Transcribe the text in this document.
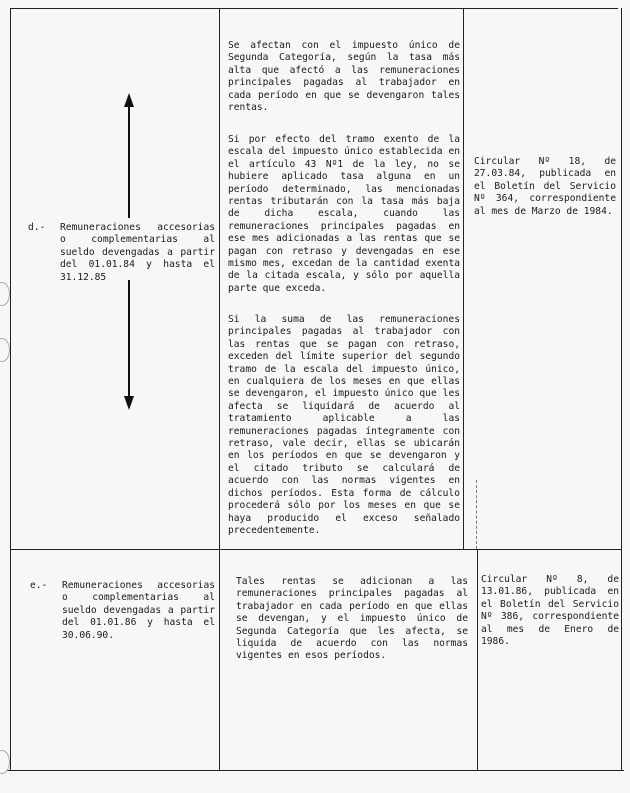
d.- Remuneraciones accesorias o complementarias al sueldo devengadas a partir del 01.01.84 y hasta el 31.12.85

Se afectan con el impuesto único de Segunda Categoría, según la tasa más alta que afectó a las remuneraciones principales pagadas al trabajador en cada período en que se devengaron tales rentas.

Si por efecto del tramo exento de la escala del impuesto único establecida en el artículo 43 Nº1 de la ley, no se hubiere aplicado tasa alguna en un período determinado, las mencionadas rentas tributarán con la tasa más baja de dicha escala, cuando las remuneraciones principales pagadas en ese mes adicionadas a las rentas que se pagan con retraso y devengadas en ese mismo mes, excedan de la cantidad exenta de la citada escala, y sólo por aquella parte que exceda.

Si la suma de las remuneraciones principales pagadas al trabajador con las rentas que se pagan con retraso, exceden del límite superior del segundo tramo de la escala del impuesto único, en cualquiera de los meses en que ellas se devengaron, el impuesto único que les afecta se liquidará de acuerdo al tratamiento aplicable a las remuneraciones pagadas íntegramente con retraso, vale decir, ellas se ubicarán en los períodos en que se devengaron y el citado tributo se calculará de acuerdo con las normas vigentes en dichos períodos. Esta forma de cálculo procederá sólo por los meses en que se haya producido el exceso señalado precedentemente.

Circular Nº 18, de 27.03.84, publicada en el Boletín del Servicio Nº 364, correspondiente al mes de Marzo de 1984.

e.- Remuneraciones accesorias o complementarias al sueldo devengadas a partir del 01.01.86 y hasta el 30.06.90.

Tales rentas se adicionan a las remuneraciones principales pagadas al trabajador en cada período en que ellas se devengan, y el impuesto único de Segunda Categoría que les afecta, se liquida de acuerdo con las normas vigentes en esos períodos.

Circular Nº 8, de 13.01.86, publicada en el Boletín del Servicio Nº 386, correspondiente al mes de Enero de 1986.
